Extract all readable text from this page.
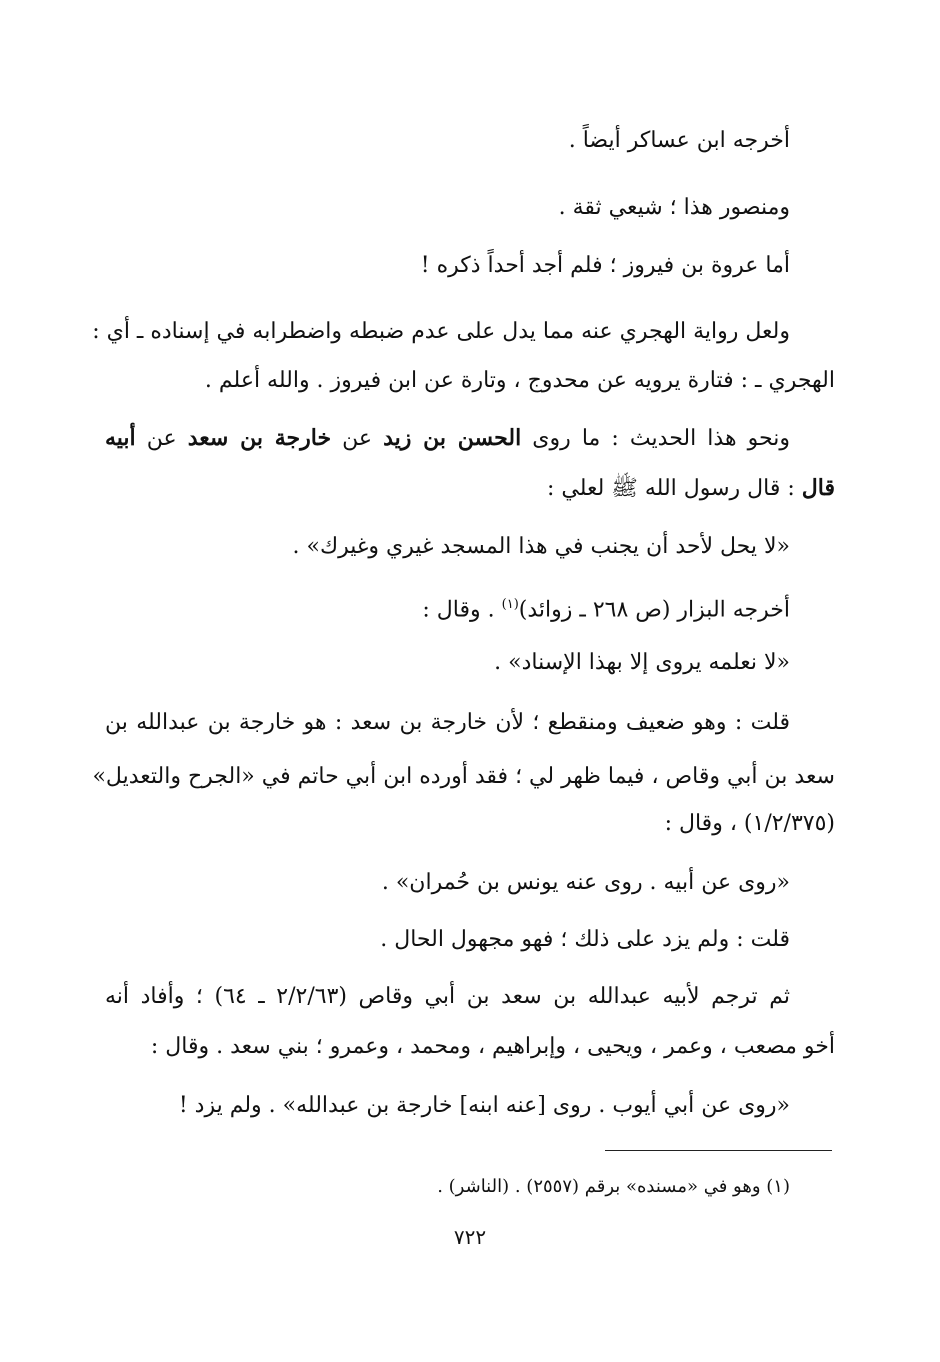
أخرجه ابن عساكر أيضاً .
ومنصور هذا ؛ شيعي ثقة .
أما عروة بن فيروز ؛ فلم أجد أحداً ذكره !
ولعل رواية الهجري عنه مما يدل على عدم ضبطه واضطرابه في إسناده ـ أي :
الهجري ـ : فتارة يرويه عن محدوج ، وتارة عن ابن فيروز . والله أعلم .
ونحو هذا الحديث : ما روى الحسن بن زيد عن خارجة بن سعد عن أبيه
قال : قال رسول الله ﷺ لعلي :
«لا يحل لأحد أن يجنب في هذا المسجد غيري وغيرك» .
أخرجه البزار (ص ٢٦٨ ـ زوائد)$^{(١)}$ . وقال :
«لا نعلمه يروى إلا بهذا الإسناد» .
قلت : وهو ضعيف ومنقطع ؛ لأن خارجة بن سعد : هو خارجة بن عبدالله بن
سعد بن أبي وقاص ، فيما ظهر لي ؛ فقد أورده ابن أبي حاتم في «الجرح والتعديل»
(١/٢/٣٧٥) ، وقال :
«روى عن أبيه . روى عنه يونس بن حُمران» .
قلت : ولم يزد على ذلك ؛ فهو مجهول الحال .
ثم ترجم لأبيه عبدالله بن سعد بن أبي وقاص (٢/٢/٦٣ ـ ٦٤) ؛ وأفاد أنه
أخو مصعب ، وعمر ، ويحيى ، وإبراهيم ، ومحمد ، وعمرو ؛ بني سعد . وقال :
«روى عن أبي أيوب . روى [عنه ابنه] خارجة بن عبدالله» . ولم يزد !
(١) وهو في «مسنده» برقم (٢٥٥٧) . (الناشر) .
٧٢٢
